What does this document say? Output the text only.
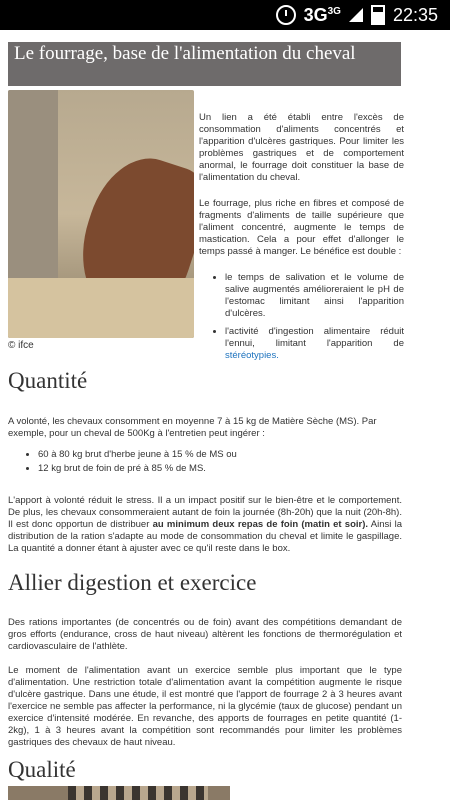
$3G^{3G}$	22:35
Le fourrage, base de l'alimentation du cheval
© ifce

Un lien a été établi entre l'excès de consommation d'aliments concentrés et l'apparition d'ulcères gastriques. Pour limiter les problèmes gastriques et de comportement anormal, le fourrage doit constituer la base de l'alimentation du cheval.

Le fourrage, plus riche en fibres et composé de fragments d'aliments de taille supérieure que l'aliment concentré, augmente le temps de mastication. Cela a pour effet d'allonger le temps passé à manger. Le bénéfice est double :

• le temps de salivation et le volume de salive augmentés amélioreraient le pH de l'estomac limitant ainsi l'apparition d'ulcères.
• l'activité d'ingestion alimentaire réduit l'ennui, limitant l'apparition de stéréotypies.
Quantité
A volonté, les chevaux consomment en moyenne 7 à 15 kg de Matière Sèche (MS). Par exemple, pour un cheval de 500Kg à l'entretien peut ingérer :
• 60 à 80 kg brut d'herbe jeune à 15 % de MS ou
• 12 kg brut de foin de pré à 85 % de MS.
L'apport à volonté réduit le stress. Il a un impact positif sur le bien-être et le comportement. De plus, les chevaux consommeraient autant de foin la journée (8h-20h) que la nuit (20h-8h). Il est donc opportun de distribuer au minimum deux repas de foin (matin et soir). Ainsi la distribution de la ration s'adapte au mode de consommation du cheval et limite le gaspillage. La quantité a donner étant à ajuster avec ce qu'il reste dans le box.
Allier digestion et exercice
Des rations importantes (de concentrés ou de foin) avant des compétitions demandant de gros efforts (endurance, cross de haut niveau) altèrent les fonctions de thermorégulation et cardiovasculaire de l'athlète.
Le moment de l'alimentation avant un exercice semble plus important que le type d'alimentation. Une restriction totale d'alimentation avant la compétition augmente le risque d'ulcère gastrique. Dans une étude, il est montré que l'apport de fourrage 2 à 3 heures avant l'exercice ne semble pas affecter la performance, ni la glycémie (taux de glucose) pendant un exercice d'intensité modérée. En revanche, des apports de fourrages en petite quantité (1-2kg), 1 à 3 heures avant la compétition sont recommandés pour limiter les problèmes gastriques des chevaux de haut niveau.
Qualité
